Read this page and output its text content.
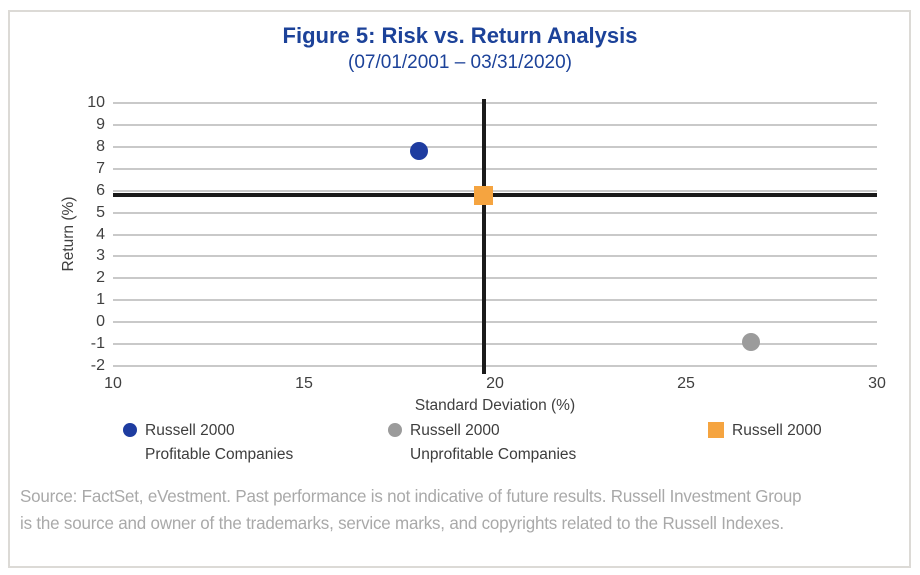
Figure 5: Risk vs. Return Analysis
(07/01/2001 – 03/31/2020)
Return (%)
10
9
8
7
6
5
4
3
2
1
0
-1
-2
10	15	20	25	30
Standard Deviation (%)
Russell 2000
Profitable Companies
Russell 2000
Unprofitable Companies
Russell 2000
Source: FactSet, eVestment. Past performance is not indicative of future results. Russell Investment Group
is the source and owner of the trademarks, service marks, and copyrights related to the Russell Indexes.
